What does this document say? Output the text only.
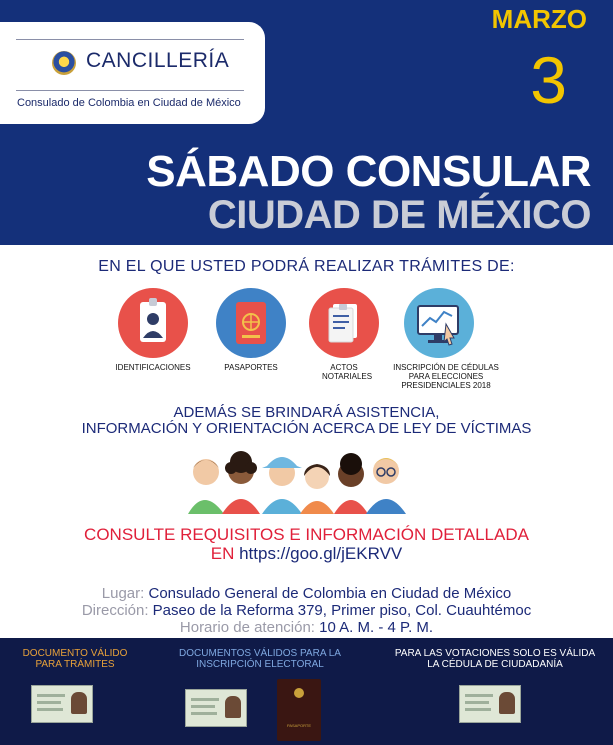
CANCILLERÍA
Consulado de Colombia en Ciudad de México
MARZO
3
SÁBADO CONSULAR
CIUDAD DE MÉXICO
EN EL QUE USTED PODRÁ REALIZAR TRÁMITES DE:
IDENTIFICACIONES	PASAPORTES	ACTOS NOTARIALES
INSCRIPCIÓN DE CÉDULAS PARA ELECCIONES PRESIDENCIALES 2018
ADEMÁS SE BRINDARÁ ASISTENCIA,
INFORMACIÓN Y ORIENTACIÓN ACERCA DE LEY DE VÍCTIMAS
CONSULTE REQUISITOS E INFORMACIÓN DETALLADA
EN https://goo.gl/jEKRVV
Lugar: Consulado General de Colombia en Ciudad de México
Dirección: Paseo de la Reforma 379, Primer piso, Col. Cuauhtémoc
Horario de atención: 10 A. M. - 4 P. M.
DOCUMENTO VÁLIDO
PARA TRÁMITES
DOCUMENTOS VÁLIDOS PARA LA
INSCRIPCIÓN ELECTORAL
PARA LAS VOTACIONES SOLO ES VÁLIDA
LA CÉDULA DE CIUDADANÍA
PASAPORTE
